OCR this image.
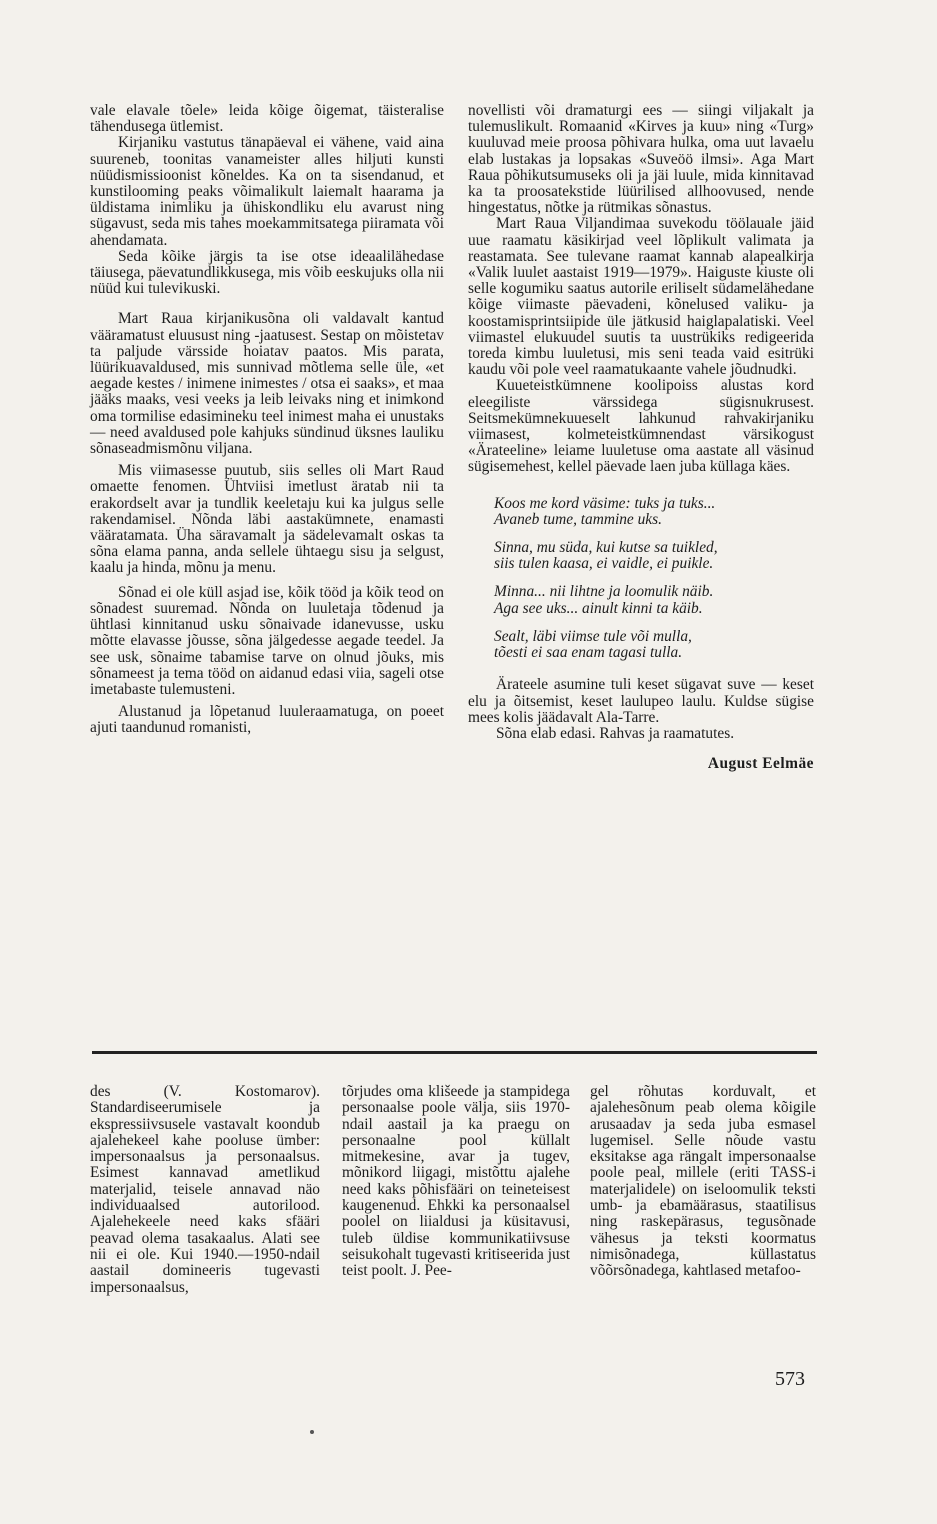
vale elavale tõele» leida kõige õigemat, täisteralise tähendusega ütlemist.

Kirjaniku vastutus tänapäeval ei vähene, vaid aina suureneb, toonitas vanameister alles hiljuti kunsti nüüdismissioonist kõneldes. Ka on ta sisendanud, et kunstilooming peaks võimalikult laiemalt haarama ja üldistama inimliku ja ühiskondliku elu avarust ning sügavust, seda mis tahes moekammitsatega piiramata või ahendamata.

Seda kõike järgis ta ise otse ideaalilähedase täiusega, päevatundlikkusega, mis võib eeskujuks olla nii nüüd kui tulevikuski.

Mart Raua kirjanikusõna oli valdavalt kantud vääramatust eluusust ning -jaatusest. Sestap on mõistetav ta paljude värsside hoiatav paatos. Mis parata, lüürikuavaldused, mis sunnivad mõtlema selle üle, «et aegade kestes / inimene inimestes / otsa ei saaks», et maa jääks maaks, vesi veeks ja leib leivaks ning et inimkond oma tormilise edasimineku teel inimest maha ei unustaks — need avaldused pole kahjuks sündinud üksnes lauliku sõnaseadmismõnu viljana.

Mis viimasesse puutub, siis selles oli Mart Raud omaette fenomen. Ühtviisi imetlust äratab nii ta erakordselt avar ja tundlik keeletaju kui ka julgus selle rakendamisel. Nõnda läbi aastakümnete, enamasti vääratamata. Üha säravamalt ja sädelevamalt oskas ta sõna elama panna, anda sellele ühtaegu sisu ja selgust, kaalu ja hinda, mõnu ja menu.

Sõnad ei ole küll asjad ise, kõik tööd ja kõik teod on sõnadest suuremad. Nõnda on luuletaja tõdenud ja ühtlasi kinnitanud usku sõnaivade idanevusse, usku mõtte elavasse jõusse, sõna jälgedesse aegade teedel. Ja see usk, sõnaime tabamise tarve on olnud jõuks, mis sõnameest ja tema tööd on aidanud edasi viia, sageli otse imetabaste tulemusteni.

Alustanud ja lõpetanud luuleraamatuga, on poeet ajuti taandunud romanisti,

novellisti või dramaturgi ees — siingi viljakalt ja tulemuslikult. Romaanid «Kirves ja kuu» ning «Turg» kuuluvad meie proosa põhivara hulka, oma uut lavaelu elab lustakas ja lopsakas «Suveöö ilmsi». Aga Mart Raua põhikutsumuseks oli ja jäi luule, mida kinnitavad ka ta proosatekstide lüürilised allhoovused, nende hingestatus, nõtke ja rütmikas sõnastus.

Mart Raua Viljandimaa suvekodu töölauale jäid uue raamatu käsikirjad veel lõplikult valimata ja reastamata. See tulevane raamat kannab alapealkirja «Valik luulet aastaist 1919—1979». Haiguste kiuste oli selle kogumiku saatus autorile eriliselt südamelähedane kõige viimaste päevadeni, kõnelused valiku- ja koostamisprintsiipide üle jätkusid haiglapalatiski. Veel viimastel elukuudel suutis ta uustrükiks redigeerida toreda kimbu luuletusi, mis seni teada vaid esitrüki kaudu või pole veel raamatukaante vahele jõudnudki.

Kuueteistkümnene koolipoiss alustas kord eleegiliste värssidega sügisnukrusest. Seitsmekümnekuueselt lahkunud rahvakirjaniku viimasest, kolmeteistkümnendast värsikogust «Ärateeline» leiame luuletuse oma aastate all väsinud sügisemehest, kellel päevade laen juba küllaga käes.

Koos me kord väsime: tuks ja tuks...
Avaneb tume, tammine uks.
Sinna, mu süda, kui kutse sa tuikled,
siis tulen kaasa, ei vaidle, ei puikle.
Minna... nii lihtne ja loomulik näib.
Aga see uks... ainult kinni ta käib.
Sealt, läbi viimse tule või mulla,
tõesti ei saa enam tagasi tulla.

Ärateele asumine tuli keset sügavat suve — keset elu ja õitsemist, keset laulupeo laulu. Kuldse sügise mees kolis jäädavalt Ala-Tarre.

Sõna elab edasi. Rahvas ja raamatutes.

August Eelmäe

des (V. Kostomarov). Standardiseerumisele ja ekspressiivsusele vastavalt koondub ajalehekeel kahe pooluse ümber: impersonaalsus ja personaalsus. Esimest kannavad ametlikud materjalid, teisele annavad näo individuaalsed autorilood. Ajalehekeele need kaks sfääri peavad olema tasakaalus. Alati see nii ei ole. Kui 1940.—1950-ndail aastail domineeris tugevasti impersonaalsus,

tõrjudes oma klišeede ja stampidega personaalse poole välja, siis 1970-ndail aastail ja ka praegu on personaalne pool küllalt mitmekesine, avar ja tugev, mõnikord liigagi, mistõttu ajalehe need kaks põhisfääri on teineteisest kaugenenud. Ehkki ka personaalsel poolel on liialdusi ja küsitavusi, tuleb üldise kommunikatiivsuse seisukohalt tugevasti kritiseerida just teist poolt. J. Pee-

gel rõhutas korduvalt, et ajalehesõnum peab olema kõigile arusaadav ja seda juba esmasel lugemisel. Selle nõude vastu eksitakse aga rängalt impersonaalse poole peal, millele (eriti TASS-i materjalidele) on iseloomulik teksti umb- ja ebamäärasus, staatilisus ning raskepärasus, tegusõnade vähesus ja teksti koormatus nimisõnadega, küllastatus võõrsõnadega, kahtlased metafoo-

573
